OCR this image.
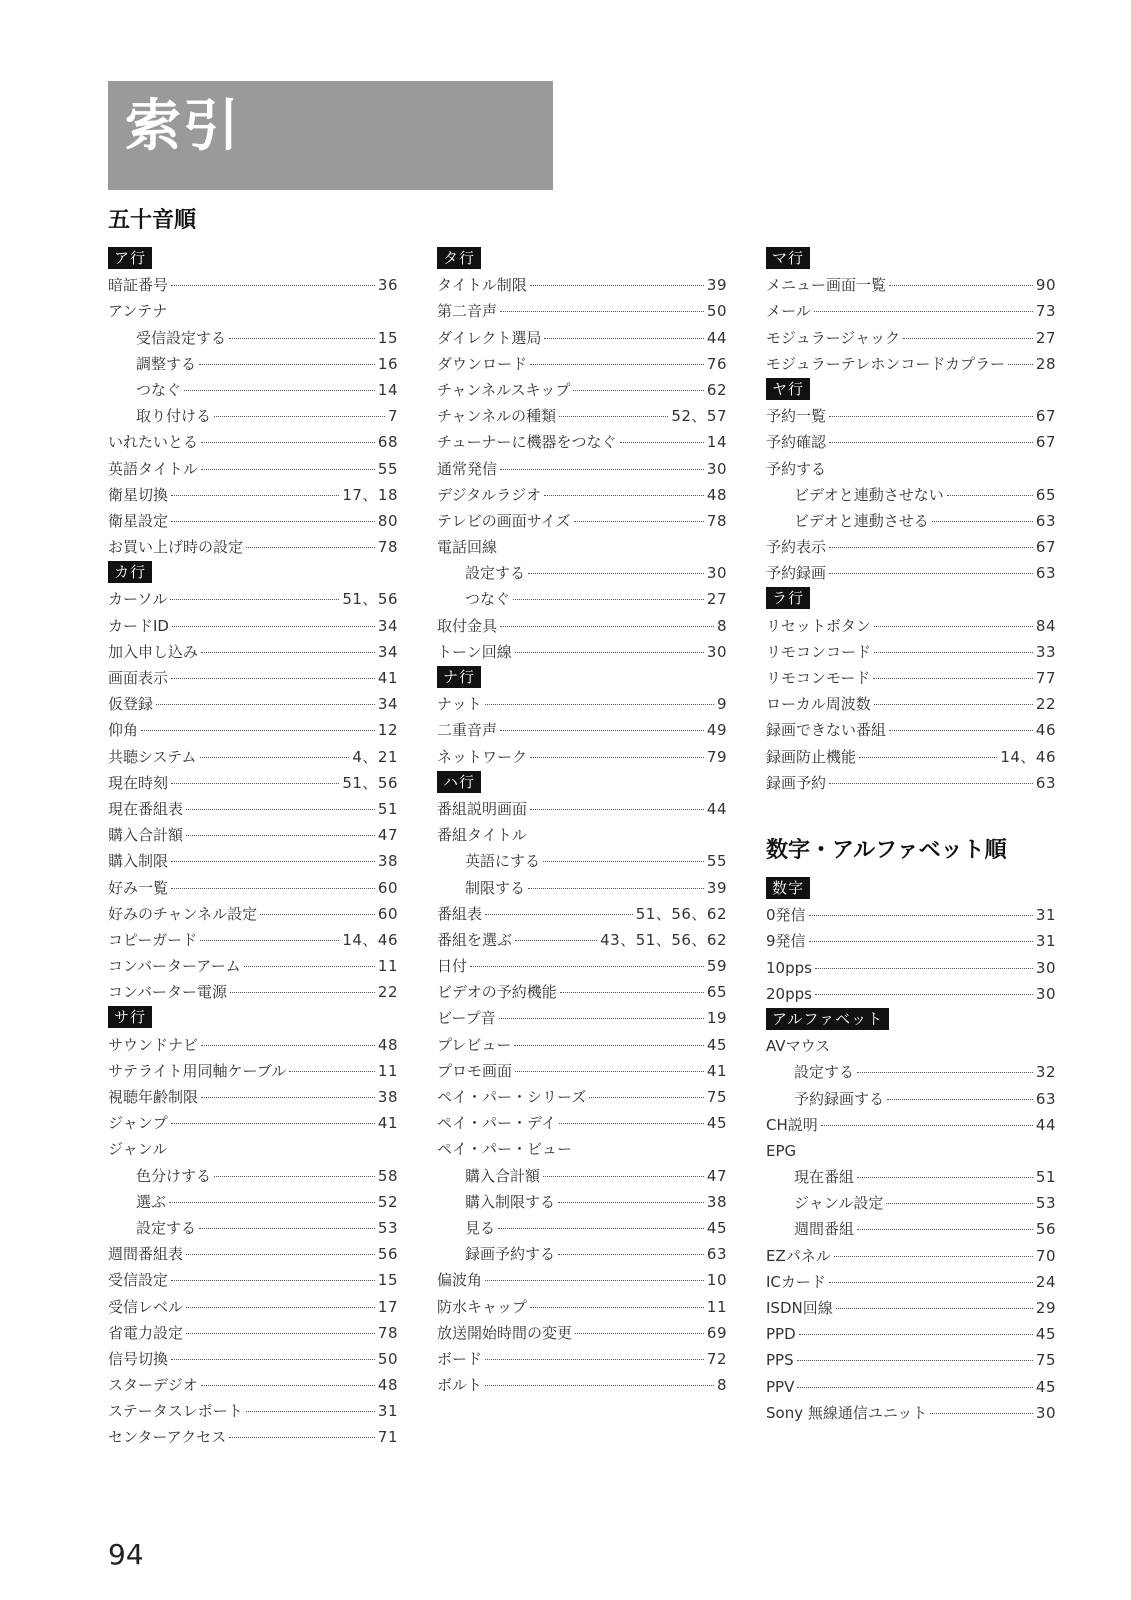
索引
五十音順
数字・アルファベット順
ア行
暗証番号	36
アンテナ
受信設定する	15
調整する	16
つなぐ	14
取り付ける	7
いれたいとる	68
英語タイトル	55
衛星切換	17、18
衛星設定	80
お買い上げ時の設定	78
カ行
カーソル	51、56
カードID	34
加入申し込み	34
画面表示	41
仮登録	34
仰角	12
共聴システム	4、21
現在時刻	51、56
現在番組表	51
購入合計額	47
購入制限	38
好み一覧	60
好みのチャンネル設定	60
コピーガード	14、46
コンバーターアーム	11
コンバーター電源	22
サ行
サウンドナビ	48
サテライト用同軸ケーブル	11
視聴年齢制限	38
ジャンプ	41
ジャンル
色分けする	58
選ぶ	52
設定する	53
週間番組表	56
受信設定	15
受信レベル	17
省電力設定	78
信号切換	50
スターデジオ	48
ステータスレポート	31
センターアクセス	71
タ行
タイトル制限	39
第二音声	50
ダイレクト選局	44
ダウンロード	76
チャンネルスキップ	62
チャンネルの種類	52、57
チューナーに機器をつなぐ	14
通常発信	30
デジタルラジオ	48
テレビの画面サイズ	78
電話回線
設定する	30
つなぐ	27
取付金具	8
トーン回線	30
ナ行
ナット	9
二重音声	49
ネットワーク	79
ハ行
番組説明画面	44
番組タイトル
英語にする	55
制限する	39
番組表	51、56、62
番組を選ぶ	43、51、56、62
日付	59
ビデオの予約機能	65
ビープ音	19
プレビュー	45
プロモ画面	41
ペイ・パー・シリーズ	75
ペイ・パー・デイ	45
ペイ・パー・ビュー
購入合計額	47
購入制限する	38
見る	45
録画予約する	63
偏波角	10
防水キャップ	11
放送開始時間の変更	69
ボード	72
ボルト	8
マ行
メニュー画面一覧	90
メール	73
モジュラージャック	27
モジュラーテレホンコードカプラー 28
ヤ行
予約一覧	67
予約確認	67
予約する
ビデオと連動させない	65
ビデオと連動させる	63
予約表示	67
予約録画	63
ラ行
リセットボタン	84
リモコンコード	33
リモコンモード	77
ローカル周波数	22
録画できない番組	46
録画防止機能	14、46
録画予約	63
数字
0発信	31
9発信	31
10pps	30
20pps	30
アルファベット
AVマウス
設定する	32
予約録画する	63
CH説明	44
EPG
現在番組	51
ジャンル設定	53
週間番組	56
EZパネル	70
ICカード	24
ISDN回線	29
PPD	45
PPS	75
PPV	45
Sony 無線通信ユニット	30
94
